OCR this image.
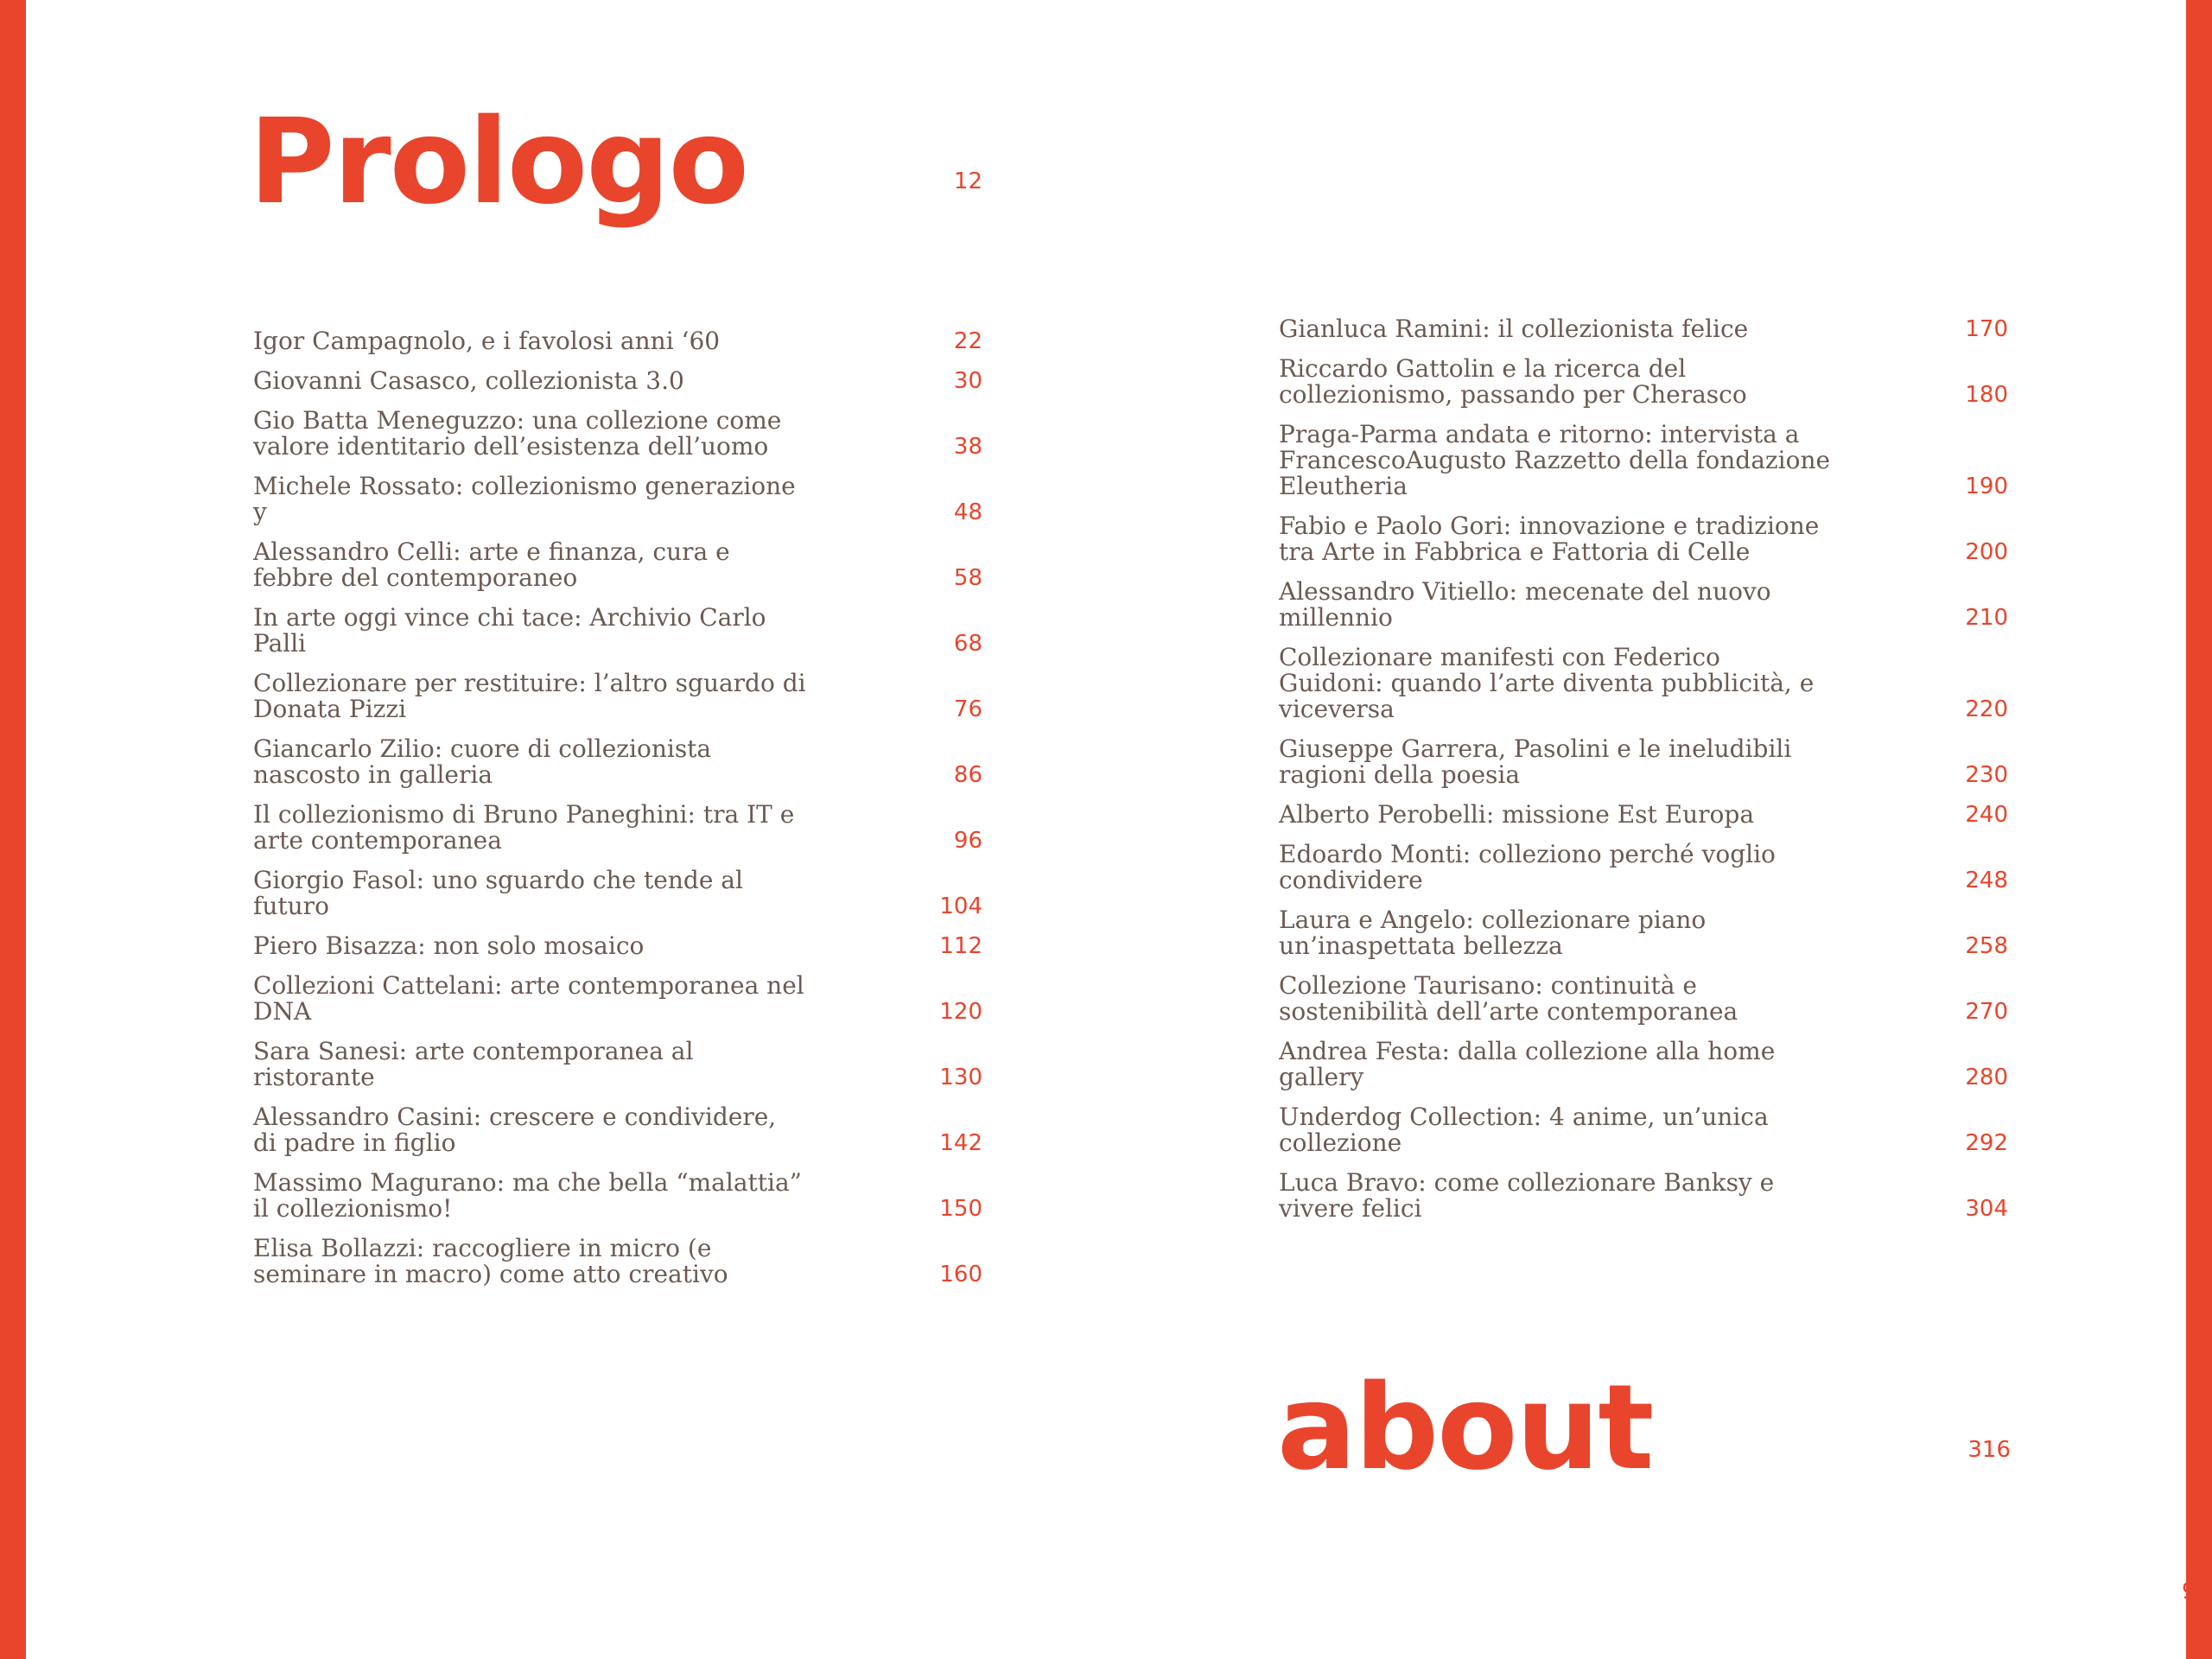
Prologo	12
Igor Campagnolo, e i favolosi anni ‘60	22
Giovanni Casasco, collezionista 3.0	30
Gio Batta Meneguzzo: una collezione come valore identitario dell’esistenza dell’uomo	38
Michele Rossato: collezionismo generazione y	48
Alessandro Celli: arte e finanza, cura e febbre del contemporaneo	58
In arte oggi vince chi tace: Archivio Carlo Palli	68
Collezionare per restituire: l’altro sguardo di Donata Pizzi	76
Giancarlo Zilio: cuore di collezionista nascosto in galleria	86
Il collezionismo di Bruno Paneghini: tra IT e arte contemporanea	96
Giorgio Fasol: uno sguardo che tende al futuro	104
Piero Bisazza: non solo mosaico	112
Collezioni Cattelani: arte contemporanea nel DNA	120
Sara Sanesi: arte contemporanea al ristorante	130
Alessandro Casini: crescere e condividere, di padre in figlio	142
Massimo Magurano: ma che bella “malattia” il collezionismo!	150
Elisa Bollazzi: raccogliere in micro (e seminare in macro) come atto creativo	160
Gianluca Ramini: il collezionista felice	170
Riccardo Gattolin e la ricerca del collezionismo, passando per Cherasco	180
Praga-Parma andata e ritorno: intervista a FrancescoAugusto Razzetto della fondazione Eleutheria	190
Fabio e Paolo Gori: innovazione e tradizione tra Arte in Fabbrica e Fattoria di Celle	200
Alessandro Vitiello: mecenate del nuovo millennio	210
Collezionare manifesti con Federico Guidoni: quando l’arte diventa pubblicità, e viceversa	220
Giuseppe Garrera, Pasolini e le ineludibili ragioni della poesia	230
Alberto Perobelli: missione Est Europa	240
Edoardo Monti: colleziono perché voglio condividere	248
Laura e Angelo: collezionare piano un’inaspettata bellezza	258
Collezione Taurisano: continuità e sostenibilità dell’arte contemporanea	270
Andrea Festa: dalla collezione alla home gallery	280
Underdog Collection: 4 anime, un’unica collezione	292
Luca Bravo: come collezionare Banksy e vivere felici	304
about	316
9
